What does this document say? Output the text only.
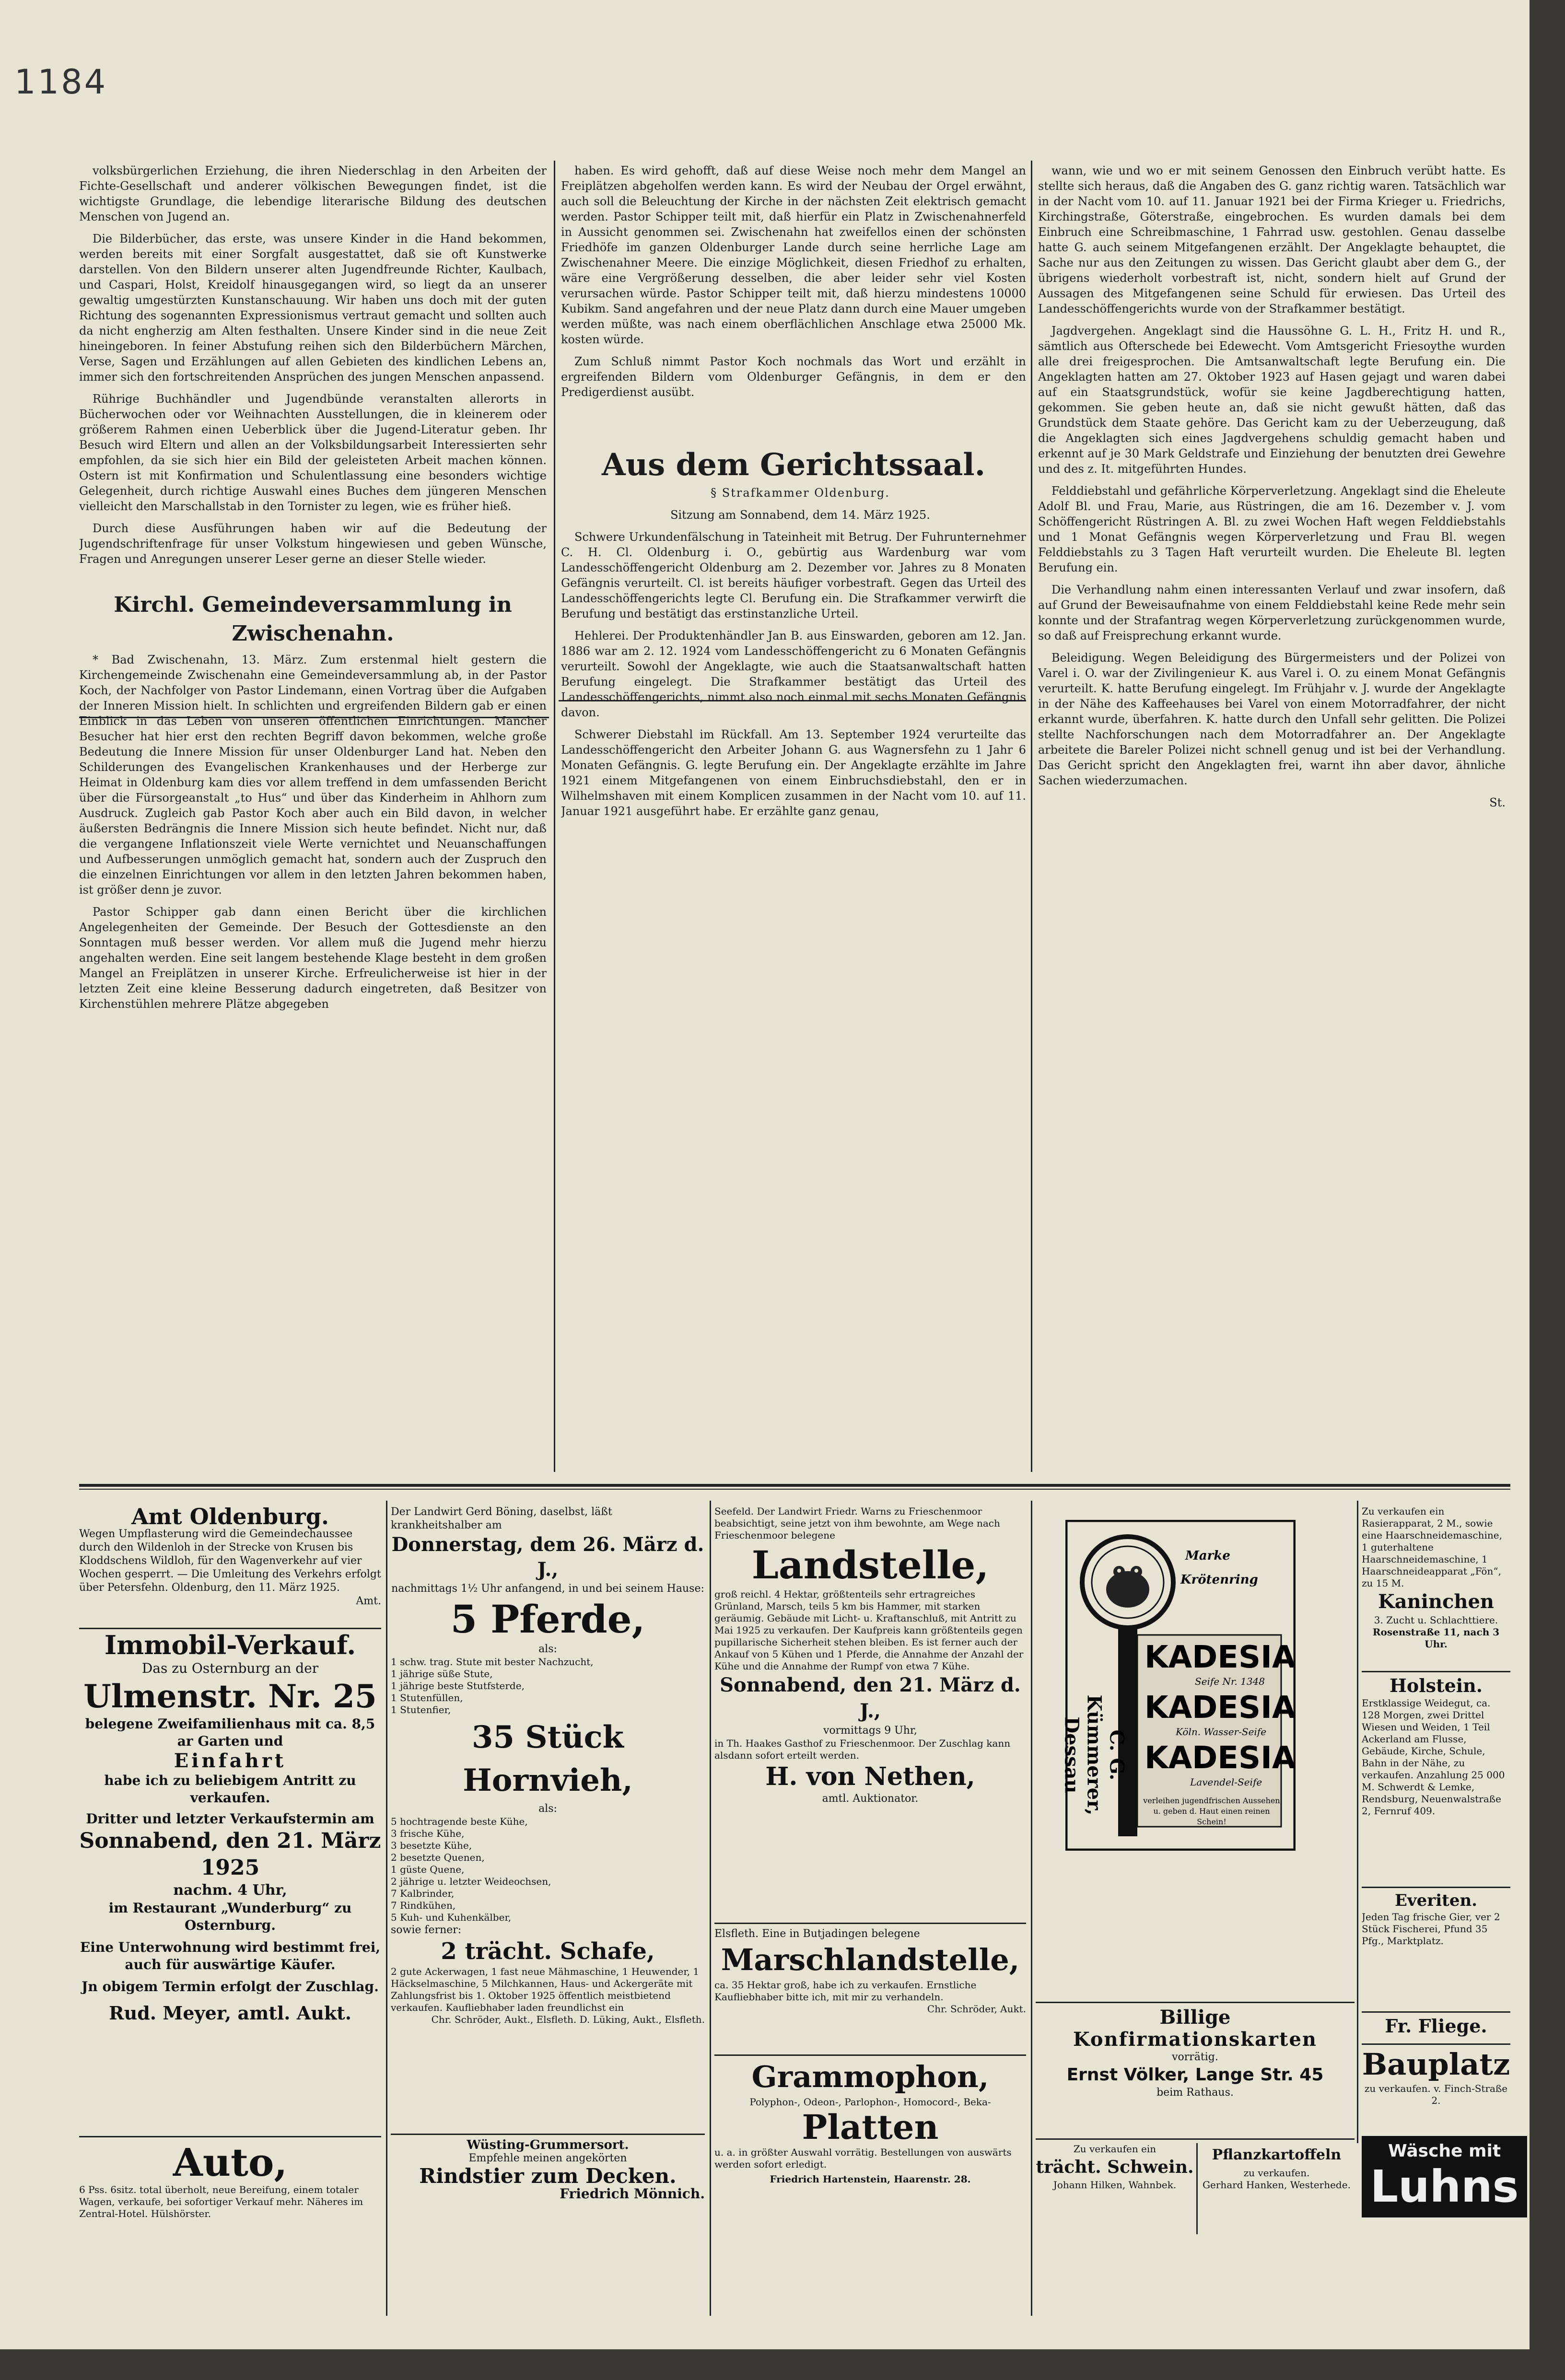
1184

volksbürgerlichen Erziehung, die ihren Niederschlag in den Arbeiten der Fichte-Gesellschaft und anderer völkischen Bewegungen findet, ist die wichtigste Grundlage, die lebendige literarische Bildung des deutschen Menschen von Jugend an.

Die Bilderbücher, das erste, was unsere Kinder in die Hand bekommen, werden bereits mit einer Sorgfalt ausgestattet, daß sie oft Kunstwerke darstellen. Von den Bildern unserer alten Jugendfreunde Richter, Kaulbach, und Caspari, Holst, Kreidolf hinausgegangen wird, so liegt da an unserer gewaltig umgestürzten Kunstanschauung. Wir haben uns doch mit der guten Richtung des sogenannten Expressionismus vertraut gemacht und sollten auch da nicht engherzig am Alten festhalten. Unsere Kinder sind in die neue Zeit hineingeboren. In feiner Abstufung reihen sich den Bilderbüchern Märchen, Verse, Sagen und Erzählungen auf allen Gebieten des kindlichen Lebens an, immer sich den fortschreitenden Ansprüchen des jungen Menschen anpassend.

Rührige Buchhändler und Jugendbünde veranstalten allerorts in Bücherwochen oder vor Weihnachten Ausstellungen, die in kleinerem oder größerem Rahmen einen Ueberblick über die Jugend-Literatur geben. Ihr Besuch wird Eltern und allen an der Volksbildungsarbeit Interessierten sehr empfohlen, da sie sich hier ein Bild der geleisteten Arbeit machen können. Ostern ist mit Konfirmation und Schulentlassung eine besonders wichtige Gelegenheit, durch richtige Auswahl eines Buches dem jüngeren Menschen vielleicht den Marschallstab in den Tornister zu legen, wie es früher hieß.

Durch diese Ausführungen haben wir auf die Bedeutung der Jugendschriftenfrage für unser Volkstum hingewiesen und geben Wünsche, Fragen und Anregungen unserer Leser gerne an dieser Stelle wieder.

Kirchl. Gemeindeversammlung in Zwischenahn.

* Bad Zwischenahn, 13. März. Zum erstenmal hielt gestern die Kirchengemeinde Zwischenahn eine Gemeindeversammlung ab, in der Pastor Koch, der Nachfolger von Pastor Lindemann, einen Vortrag über die Aufgaben der Inneren Mission hielt. In schlichten und ergreifenden Bildern gab er einen Einblick in das Leben von unseren öffentlichen Einrichtungen. Mancher Besucher hat hier erst den rechten Begriff davon bekommen, welche große Bedeutung die Innere Mission für unser Oldenburger Land hat. Neben den Schilderungen des Evangelischen Krankenhauses und der Herberge zur Heimat in Oldenburg kam dies vor allem treffend in dem umfassenden Bericht über die Fürsorgeanstalt „to Hus“ und über das Kinderheim in Ahlhorn zum Ausdruck. Zugleich gab Pastor Koch aber auch ein Bild davon, in welcher äußersten Bedrängnis die Innere Mission sich heute befindet. Nicht nur, daß die vergangene Inflationszeit viele Werte vernichtet und Neuanschaffungen und Aufbesserungen unmöglich gemacht hat, sondern auch der Zuspruch den die einzelnen Einrichtungen vor allem in den letzten Jahren bekommen haben, ist größer denn je zuvor.

Pastor Schipper gab dann einen Bericht über die kirchlichen Angelegenheiten der Gemeinde. Der Besuch der Gottesdienste an den Sonntagen muß besser werden. Vor allem muß die Jugend mehr hierzu angehalten werden. Eine seit langem bestehende Klage besteht in dem großen Mangel an Freiplätzen in unserer Kirche. Erfreulicherweise ist hier in der letzten Zeit eine kleine Besserung dadurch eingetreten, daß Besitzer von Kirchenstühlen mehrere Plätze abgegeben

haben. Es wird gehofft, daß auf diese Weise noch mehr dem Mangel an Freiplätzen abgeholfen werden kann. Es wird der Neubau der Orgel erwähnt, auch soll die Beleuchtung der Kirche in der nächsten Zeit elektrisch gemacht werden. Pastor Schipper teilt mit, daß hierfür ein Platz in Zwischenahnerfeld in Aussicht genommen sei. Zwischenahn hat zweifellos einen der schönsten Friedhöfe im ganzen Oldenburger Lande durch seine herrliche Lage am Zwischenahner Meere. Die einzige Möglichkeit, diesen Friedhof zu erhalten, wäre eine Vergrößerung desselben, die aber leider sehr viel Kosten verursachen würde. Pastor Schipper teilt mit, daß hierzu mindestens 10000 Kubikm. Sand angefahren und der neue Platz dann durch eine Mauer umgeben werden müßte, was nach einem oberflächlichen Anschlage etwa 25000 Mk. kosten würde.

Zum Schluß nimmt Pastor Koch nochmals das Wort und erzählt in ergreifenden Bildern vom Oldenburger Gefängnis, in dem er den Predigerdienst ausübt.

Aus dem Gerichtssaal.

§ Strafkammer Oldenburg.

Sitzung am Sonnabend, dem 14. März 1925.

Schwere Urkundenfälschung in Tateinheit mit Betrug. Der Fuhrunternehmer C. H. Cl. Oldenburg i. O., gebürtig aus Wardenburg war vom Landesschöffengericht Oldenburg am 2. Dezember vor. Jahres zu 8 Monaten Gefängnis verurteilt. Cl. ist bereits häufiger vorbestraft. Gegen das Urteil des Landesschöffengerichts legte Cl. Berufung ein. Die Strafkammer verwirft die Berufung und bestätigt das erstinstanzliche Urteil.

Hehlerei. Der Produktenhändler Jan B. aus Einswarden, geboren am 12. Jan. 1886 war am 2. 12. 1924 vom Landesschöffengericht zu 6 Monaten Gefängnis verurteilt. Sowohl der Angeklagte, wie auch die Staatsanwaltschaft hatten Berufung eingelegt. Die Strafkammer bestätigt das Urteil des Landesschöffengerichts, nimmt also noch einmal mit sechs Monaten Gefängnis davon.

Schwerer Diebstahl im Rückfall. Am 13. September 1924 verurteilte das Landesschöffengericht den Arbeiter Johann G. aus Wagnersfehn zu 1 Jahr 6 Monaten Gefängnis. G. legte Berufung ein. Der Angeklagte erzählte im Jahre 1921 einem Mitgefangenen von einem Einbruchsdiebstahl, den er in Wilhelmshaven mit einem Komplicen zusammen in der Nacht vom 10. auf 11. Januar 1921 ausgeführt habe. Er erzählte ganz genau,

wann, wie und wo er mit seinem Genossen den Einbruch verübt hatte. Es stellte sich heraus, daß die Angaben des G. ganz richtig waren. Tatsächlich war in der Nacht vom 10. auf 11. Januar 1921 bei der Firma Krieger u. Friedrichs, Kirchingstraße, Göterstraße, eingebrochen. Es wurden damals bei dem Einbruch eine Schreibmaschine, 1 Fahrrad usw. gestohlen. Genau dasselbe hatte G. auch seinem Mitgefangenen erzählt. Der Angeklagte behauptet, die Sache nur aus den Zeitungen zu wissen. Das Gericht glaubt aber dem G., der übrigens wiederholt vorbestraft ist, nicht, sondern hielt auf Grund der Aussagen des Mitgefangenen seine Schuld für erwiesen. Das Urteil des Landesschöffengerichts wurde von der Strafkammer bestätigt.

Jagdvergehen. Angeklagt sind die Haussöhne G. L. H., Fritz H. und R., sämtlich aus Ofterschede bei Edewecht. Vom Amtsgericht Friesoythe wurden alle drei freigesprochen. Die Amtsanwaltschaft legte Berufung ein. Die Angeklagten hatten am 27. Oktober 1923 auf Hasen gejagt und waren dabei auf ein Staatsgrundstück, wofür sie keine Jagdberechtigung hatten, gekommen. Sie geben heute an, daß sie nicht gewußt hätten, daß das Grundstück dem Staate gehöre. Das Gericht kam zu der Ueberzeugung, daß die Angeklagten sich eines Jagdvergehens schuldig gemacht haben und erkennt auf je 30 Mark Geldstrafe und Einziehung der benutzten drei Gewehre und des z. It. mitgeführten Hundes.

Felddiebstahl und gefährliche Körperverletzung. Angeklagt sind die Eheleute Adolf Bl. und Frau, Marie, aus Rüstringen, die am 16. Dezember v. J. vom Schöffengericht Rüstringen A. Bl. zu zwei Wochen Haft wegen Felddiebstahls und 1 Monat Gefängnis wegen Körperverletzung und Frau Bl. wegen Felddiebstahls zu 3 Tagen Haft verurteilt wurden. Die Eheleute Bl. legten Berufung ein.

Die Verhandlung nahm einen interessanten Verlauf und zwar insofern, daß auf Grund der Beweisaufnahme von einem Felddiebstahl keine Rede mehr sein konnte und der Strafantrag wegen Körperverletzung zurückgenommen wurde, so daß auf Freisprechung erkannt wurde.

Beleidigung. Wegen Beleidigung des Bürgermeisters und der Polizei von Varel i. O. war der Zivilingenieur K. aus Varel i. O. zu einem Monat Gefängnis verurteilt. K. hatte Berufung eingelegt. Im Frühjahr v. J. wurde der Angeklagte in der Nähe des Kaffeehauses bei Varel von einem Motorradfahrer, der nicht erkannt wurde, überfahren. K. hatte durch den Unfall sehr gelitten. Die Polizei stellte Nachforschungen nach dem Motorradfahrer an. Der Angeklagte arbeitete die Bareler Polizei nicht schnell genug und ist bei der Verhandlung. Das Gericht spricht den Angeklagten frei, warnt ihn aber davor, ähnliche Sachen wiederzumachen.

St.
Amt Oldenburg.
Wegen Umpflasterung wird die Gemeindechaussee durch den Wildenloh in der Strecke von Krusen bis Kloddschens Wildloh, für den Wagenverkehr auf vier Wochen gesperrt. — Die Umleitung des Verkehrs erfolgt über Petersfehn. Oldenburg, den 11. März 1925.
Amt.
Immobil-Verkauf.
Das zu Osternburg an der
Ulmenstr. Nr. 25
belegene Zweifamilienhaus mit ca. 8,5 ar Garten und
Einfahrt
habe ich zu beliebigem Antritt zu verkaufen.
Dritter und letzter Verkaufstermin am
Sonnabend, den 21. März 1925
nachm. 4 Uhr,
im Restaurant „Wunderburg“ zu Osternburg.
Eine Unterwohnung wird bestimmt frei, auch für auswärtige Käufer.
Jn obigem Termin erfolgt der Zuschlag.
Rud. Meyer, amtl. Aukt.
Auto,
6 Pss. 6sitz. total überholt, neue Bereifung, einem totaler Wagen, verkaufe, bei sofortiger Verkauf mehr. Näheres im Zentral-Hotel. Hülshörster.
Der Landwirt Gerd Böning, daselbst, läßt krankheitshalber am
Donnerstag, dem 26. März d. J.,
nachmittags 1½ Uhr anfangend, in und bei seinem Hause:
5 Pferde,
als:
1 schw. trag. Stute mit bester Nachzucht,
1 jährige süße Stute,
1 jährige beste Stutfsterde,
1 Stutenfüllen,
1 Stutenfier,
35 Stück Hornvieh,
als:
5 hochtragende beste Kühe,
3 frische Kühe,
3 besetzte Kühe,
2 besetzte Quenen,
1 güste Quene,
2 jährige u. letzter Weideochsen,
7 Kalbrinder,
7 Rindkühen,
5 Kuh- und Kuhenkälber,
sowie ferner:
2 trächt. Schafe,
2 gute Ackerwagen, 1 fast neue Mähmaschine, 1 Heuwender, 1 Häckselmaschine, 5 Milchkannen, Haus- und Ackergeräte mit Zahlungsfrist bis 1. Oktober 1925 öffentlich meistbietend verkaufen. Kaufliebhaber laden freundlichst ein
Chr. Schröder, Aukt., Elsfleth. D. Lüking, Aukt., Elsfleth.
Wüsting-Grummersort.
Empfehle meinen angekörten
Rindstier zum Decken.
Friedrich Mönnich.
Seefeld. Der Landwirt Friedr. Warns zu Frieschenmoor beabsichtigt, seine jetzt von ihm bewohnte, am Wege nach Frieschenmoor belegene
Landstelle,
groß reichl. 4 Hektar, größtenteils sehr ertragreiches Grünland, Marsch, teils 5 km bis Hammer, mit starken geräumig. Gebäude mit Licht- u. Kraftanschluß, mit Antritt zu Mai 1925 zu verkaufen. Der Kaufpreis kann größtenteils gegen pupillarische Sicherheit stehen bleiben. Es ist ferner auch der Ankauf von 5 Kühen und 1 Pferde, die Annahme der Anzahl der Kühe und die Annahme der Rumpf von etwa 7 Kühe.
Sonnabend, den 21. März d. J.,
vormittags 9 Uhr,
in Th. Haakes Gasthof zu Frieschenmoor. Der Zuschlag kann alsdann sofort erteilt werden.
H. von Nethen,
amtl. Auktionator.
Elsfleth. Eine in Butjadingen belegene
Marschlandstelle,
ca. 35 Hektar groß, habe ich zu verkaufen. Ernstliche Kaufliebhaber bitte ich, mit mir zu verhandeln.
Chr. Schröder, Aukt.
Grammophon,
Polyphon-, Odeon-, Parlophon-, Homocord-, Beka-
Platten
u. a. in größter Auswahl vorrätig. Bestellungen von auswärts werden sofort erledigt.
Friedrich Hartenstein, Haarenstr. 28.
Marke
Krötenring
C. G. Kümmerer, Dessau
KADESIA
Seife Nr. 1348
KADESIA
Köln. Wasser-Seife
KADESIA
Lavendel-Seife
verleihen jugendfrischen Aussehen u. geben d. Haut einen reinen Schein!
Billige
Konfirmationskarten
vorrätig.
Ernst Völker, Lange Str. 45
beim Rathaus.
Zu verkaufen ein
trächt. Schwein.
Johann Hilken, Wahnbek.
Pflanzkartoffeln
zu verkaufen.
Gerhard Hanken, Westerhede.
Zu verkaufen ein Rasierapparat, 2 M., sowie eine Haarschneidemaschine, 1 guterhaltene Haarschneidemaschine, 1 Haarschneideapparat „Fön“, zu 15 M.
Kaninchen
3. Zucht u. Schlachttiere.
Rosenstraße 11, nach 3 Uhr.
Holstein.
Erstklassige Weidegut, ca. 128 Morgen, zwei Drittel Wiesen und Weiden, 1 Teil Ackerland am Flusse, Gebäude, Kirche, Schule, Bahn in der Nähe, zu verkaufen. Anzahlung 25 000 M. Schwerdt & Lemke, Rendsburg, Neuenwalstraße 2, Fernruf 409.
Everiten.
Jeden Tag frische Gier, ver 2 Stück Fischerei, Pfund 35 Pfg., Marktplatz.
Fr. Fliege.
Bauplatz
zu verkaufen. v. Finch-Straße 2.
Wäsche mit
Luhns
